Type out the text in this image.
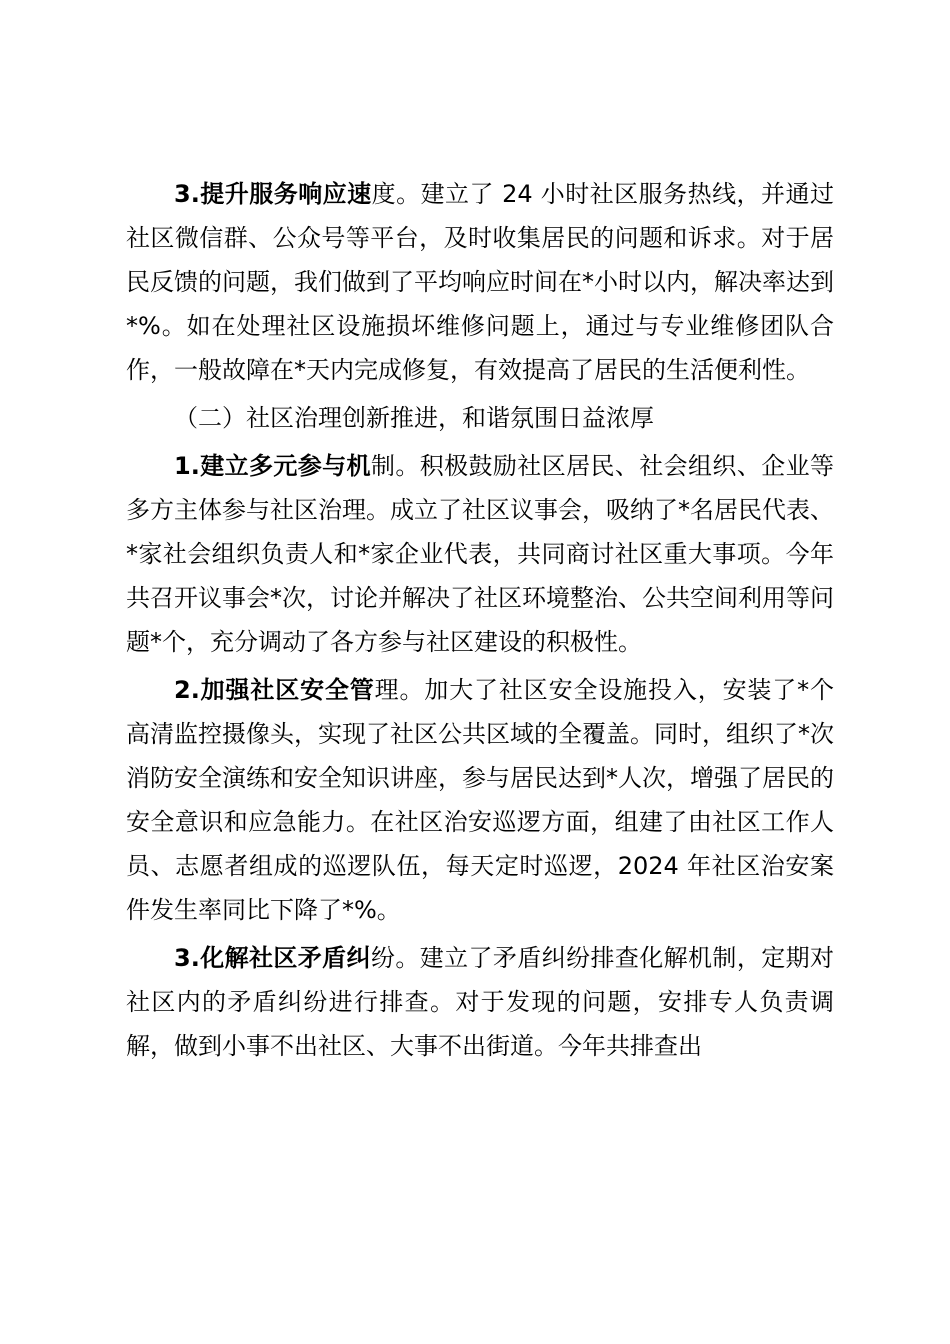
3.提升服务响应速度。建立了 24 小时社区服务热线，并通过社区微信群、公众号等平台，及时收集居民的问题和诉求。对于居民反馈的问题，我们做到了平均响应时间在*小时以内，解决率达到*%。如在处理社区设施损坏维修问题上，通过与专业维修团队合作，一般故障在*天内完成修复，有效提高了居民的生活便利性。

（二）社区治理创新推进，和谐氛围日益浓厚

1.建立多元参与机制。积极鼓励社区居民、社会组织、企业等多方主体参与社区治理。成立了社区议事会，吸纳了*名居民代表、*家社会组织负责人和*家企业代表，共同商讨社区重大事项。今年共召开议事会*次，讨论并解决了社区环境整治、公共空间利用等问题*个，充分调动了各方参与社区建设的积极性。

2.加强社区安全管理。加大了社区安全设施投入，安装了*个高清监控摄像头，实现了社区公共区域的全覆盖。同时，组织了*次消防安全演练和安全知识讲座，参与居民达到*人次，增强了居民的安全意识和应急能力。在社区治安巡逻方面，组建了由社区工作人员、志愿者组成的巡逻队伍，每天定时巡逻，2024 年社区治安案件发生率同比下降了*%。

3.化解社区矛盾纠纷。建立了矛盾纠纷排查化解机制，定期对社区内的矛盾纠纷进行排查。对于发现的问题，安排专人负责调解，做到小事不出社区、大事不出街道。今年共排查出
